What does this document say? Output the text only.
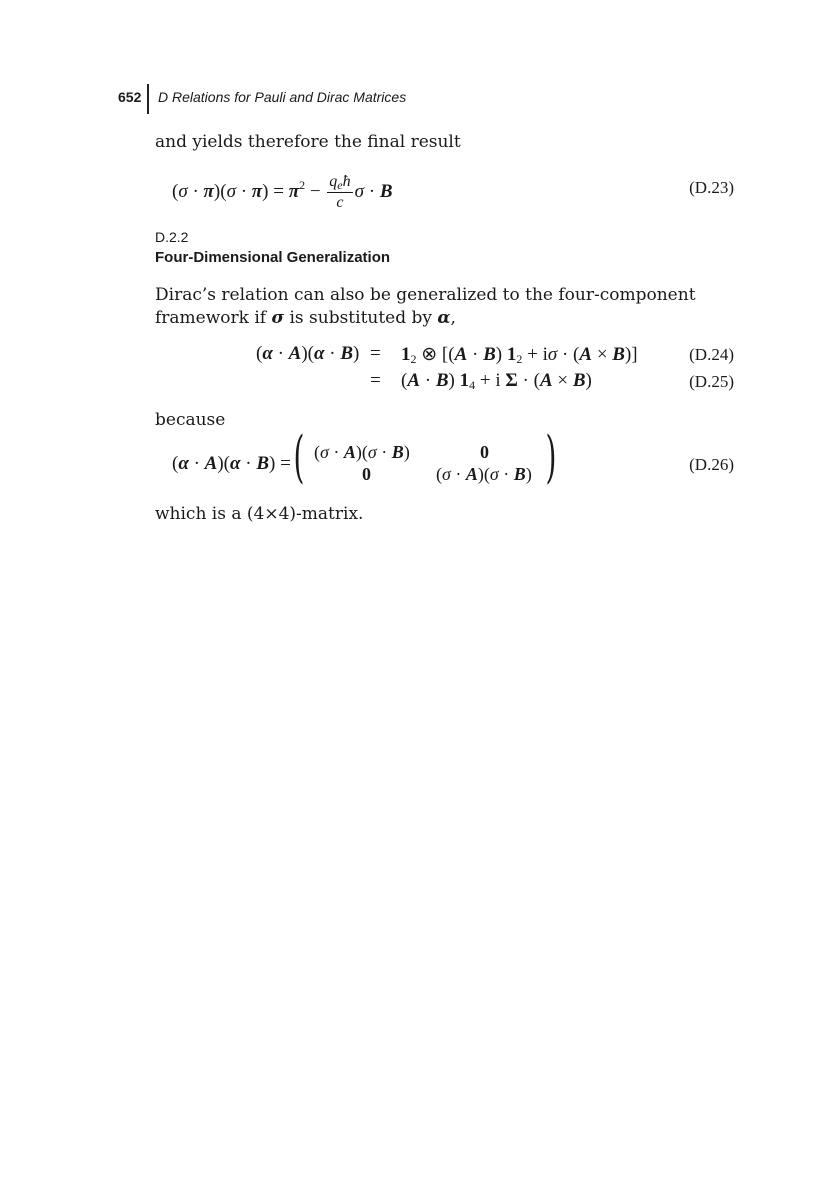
652 D Relations for Pauli and Dirac Matrices
and yields therefore the final result
$(\sigma \cdot \pi)(\sigma \cdot \pi) = \pi^2 - \frac{q_eħ}{c}$ σ · B	(D.23)
D.2.2
Four-Dimensional Generalization
Dirac’s relation can also be generalized to the four-component framework if σ is substituted by α,
$(\alpha \cdot A)(\alpha \cdot B) = 1_2$ ⊗ [(A · B) $1_2 + i\sigma \cdot (A \times B)$]	(D.24)
= (A · B) $1_4 + i$ Σ · (A × B)	(D.25)
because
(α · A)(α · B) = ( (σ · A)(σ · B)	0
0	(σ · A)(σ · B) )	(D.26)
which is a (4×4)-matrix.
